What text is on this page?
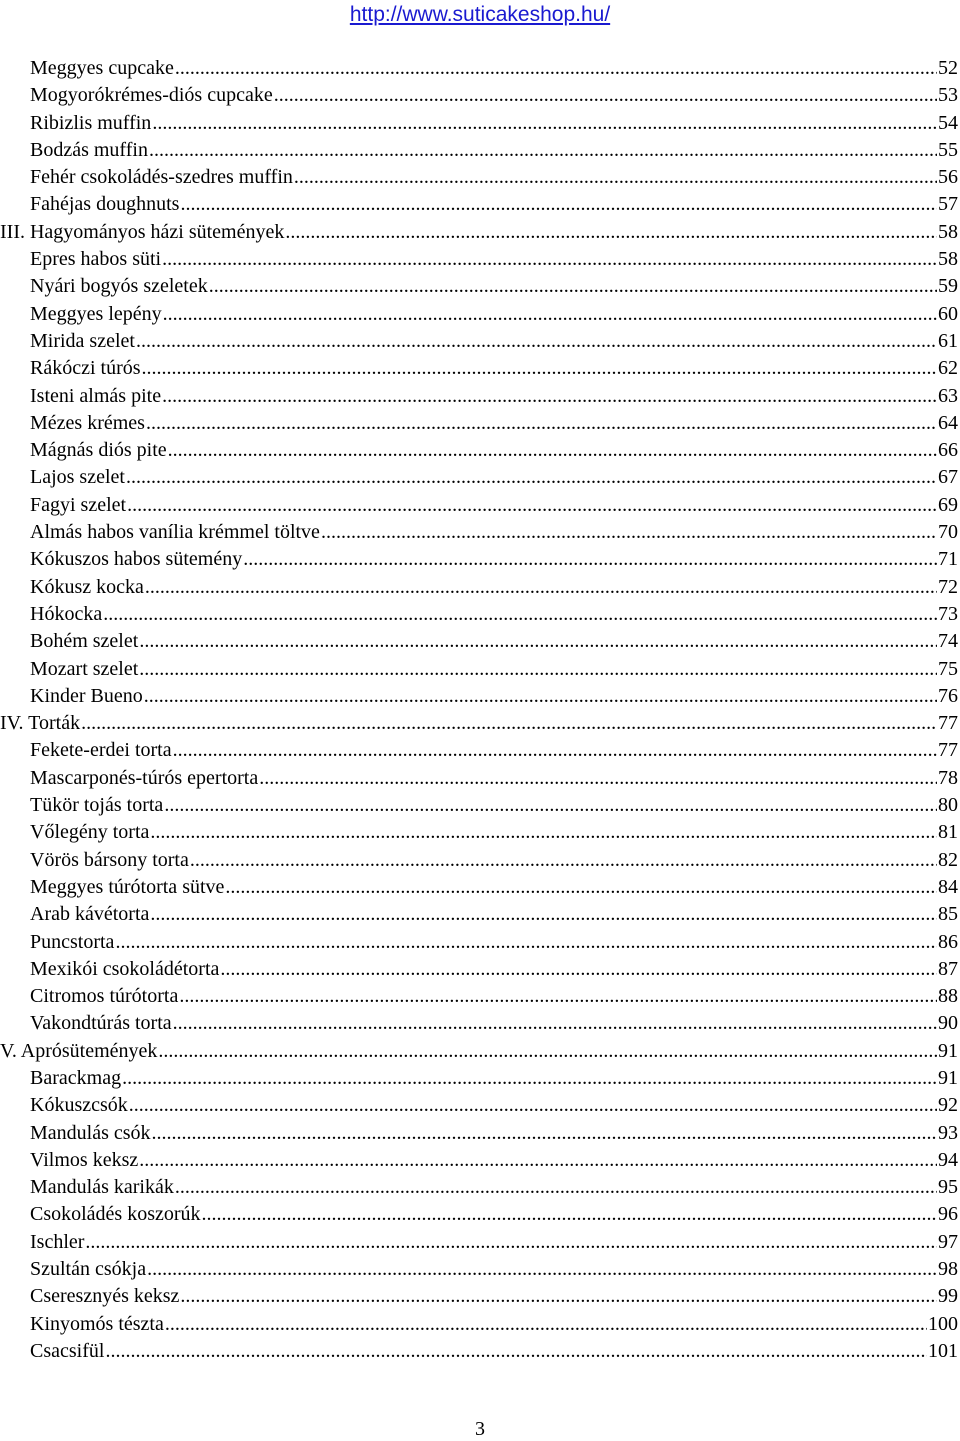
http://www.suticakeshop.hu/
Meggyes cupcake .....	52
Mogyorókrémes-diós cupcake .....	53
Ribizlis muffin .....	54
Bodzás muffin .....	55
Fehér csokoládés-szedres muffin .....	56
Fahéjas doughnuts .....	57
III. Hagyományos házi sütemények .....	58
Epres habos süti .....	58
Nyári bogyós szeletek .....	59
Meggyes lepény .....	60
Mirida szelet .....	61
Rákóczi túrós .....	62
Isteni almás pite .....	63
Mézes krémes .....	64
Mágnás diós pite .....	66
Lajos szelet .....	67
Fagyi szelet .....	69
Almás habos vanília krémmel töltve .....	70
Kókuszos habos sütemény .....	71
Kókusz kocka .....	72
Hókocka .....	73
Bohém szelet .....	74
Mozart szelet .....	75
Kinder Bueno .....	76
IV. Torták .....	77
Fekete-erdei torta .....	77
Mascarponés-túrós epertorta .....	78
Tükör tojás torta .....	80
Vőlegény torta .....	81
Vörös bársony torta .....	82
Meggyes túrótorta sütve .....	84
Arab kávétorta .....	85
Puncstorta .....	86
Mexikói csokoládétorta .....	87
Citromos túrótorta .....	88
Vakondtúrás torta .....	90
V. Aprósütemények .....	91
Barackmag .....	91
Kókuszcsók .....	92
Mandulás csók .....	93
Vilmos keksz .....	94
Mandulás karikák .....	95
Csokoládés koszorúk .....	96
Ischler .....	97
Szultán csókja .....	98
Cseresznyés keksz .....	99
Kinyomós tészta .....	100
Csacsifül .....	101
3
